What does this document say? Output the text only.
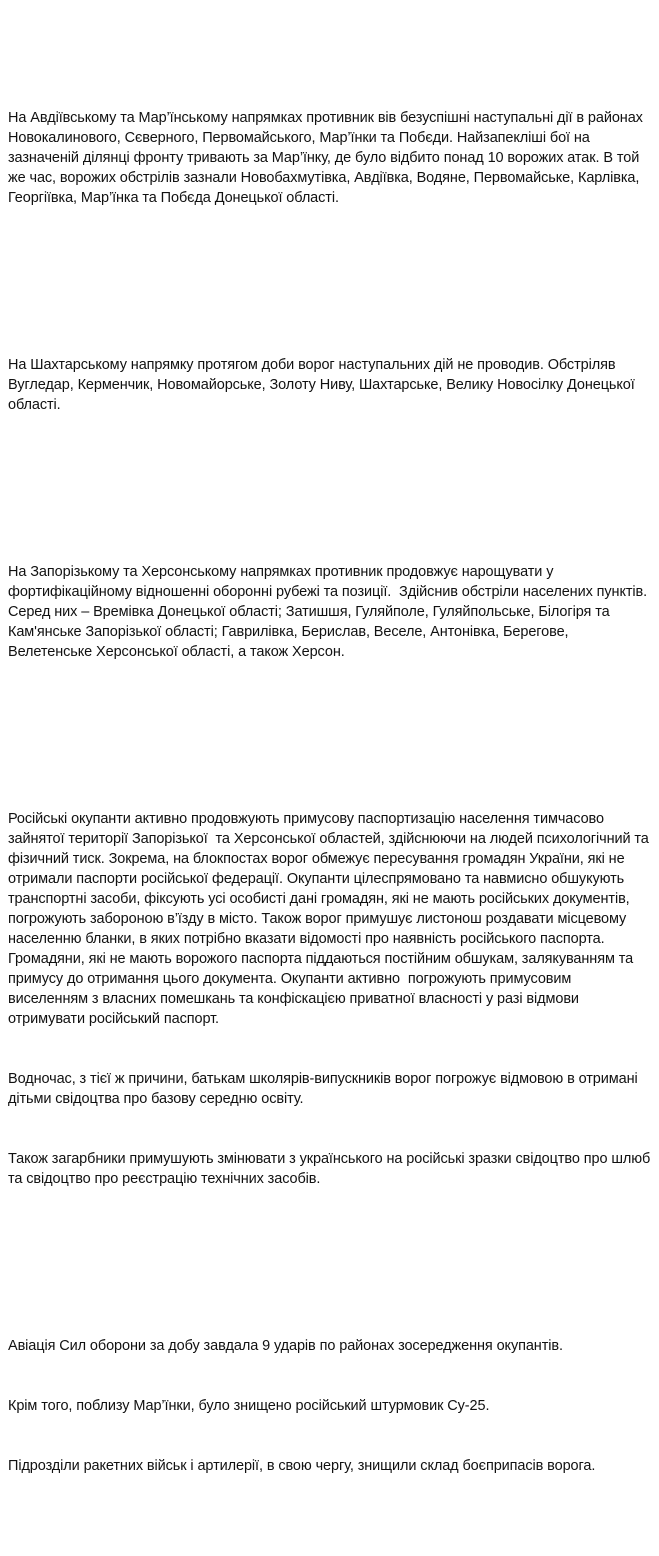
На Авдіївському та Мар’їнському напрямках противник вів безуспішні наступальні дії в районах Новокалинового, Сєверного, Первомайського, Мар’їнки та Побєди. Найзапекліші бої на зазначеній ділянці фронту тривають за Мар’їнку, де було відбито понад 10 ворожих атак. В той же час, ворожих обстрілів зазнали Новобахмутівка, Авдіївка, Водяне, Первомайське, Карлівка, Георгіївка, Мар’їнка та Побєда Донецької області.

На Шахтарському напрямку протягом доби ворог наступальних дій не проводив. Обстріляв Вугледар, Керменчик, Новомайорське, Золоту Ниву, Шахтарське, Велику Новосілку Донецької області.

На Запорізькому та Херсонському напрямках противник продовжує нарощувати у фортифікаційному відношенні оборонні рубежі та позиції.  Здійснив обстріли населених пунктів. Серед них – Времівка Донецької області; Затишшя, Гуляйполе, Гуляйпольське, Білогіря та Кам'янське Запорізької області; Гаврилівка, Берислав, Веселе, Антонівка, Берегове, Велетенське Херсонської області, а також Херсон.

Російські окупанти активно продовжують примусову паспортизацію населення тимчасово зайнятої території Запорізької  та Херсонської областей, здійснюючи на людей психологічний та фізичний тиск. Зокрема, на блокпостах ворог обмежує пересування громадян України, які не отримали паспорти російської федерації. Окупанти цілеспрямовано та навмисно обшукують транспортні засоби, фіксують усі особисті дані громадян, які не мають російських документів, погрожують забороною в’їзду в місто. Також ворог примушує листонош роздавати місцевому населенню бланки, в яких потрібно вказати відомості про наявність російського паспорта. Громадяни, які не мають ворожого паспорта піддаються постійним обшукам, залякуванням та примусу до отримання цього документа. Окупанти активно  погрожують примусовим виселенням з власних помешкань та конфіскацією приватної власності у разі відмови отримувати російський паспорт.

Водночас, з тієї ж причини, батькам школярів-випускників ворог погрожує відмовою в отримані дітьми свідоцтва про базову середню освіту.

Також загарбники примушують змінювати з українського на російські зразки свідоцтво про шлюб та свідоцтво про реєстрацію технічних засобів.

Авіація Сил оборони за добу завдала 9 ударів по районах зосередження окупантів.

Крім того, поблизу Мар’їнки, було знищено російський штурмовик Су-25.

Підрозділи ракетних військ і артилерії, в свою чергу, знищили склад боєприпасів ворога.
